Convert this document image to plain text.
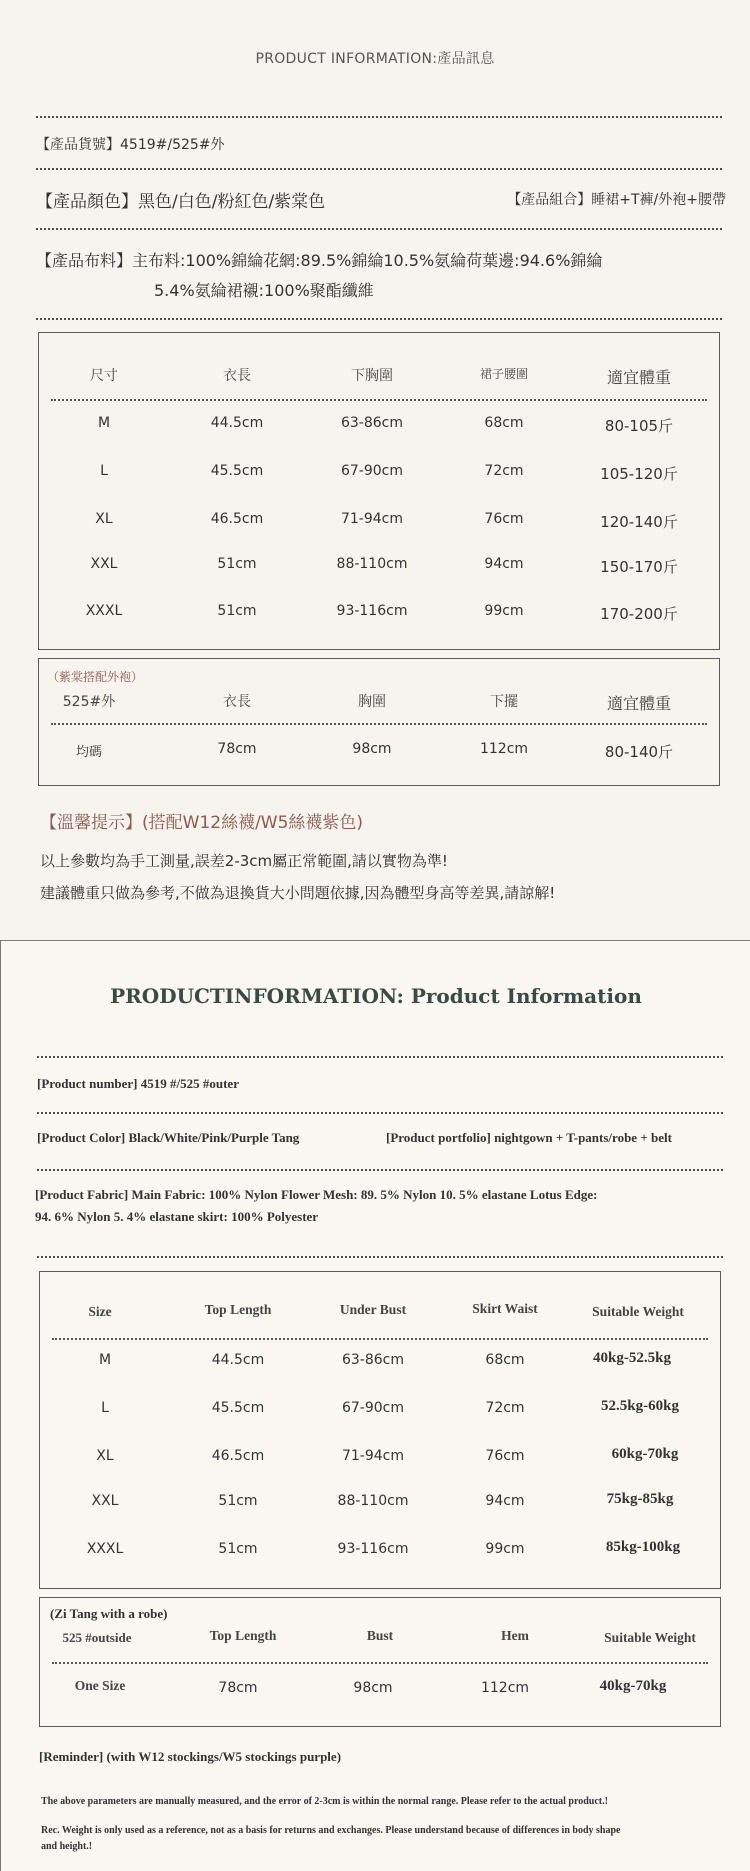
PRODUCT INFORMATION:產品訊息
【產品貨號】4519#/525#外
【產品顏色】黑色/白色/粉紅色/紫棠色	【產品組合】睡裙+T褲/外袍+腰帶
【產品布料】主布料:100%錦綸花網:89.5%錦綸10.5%氨綸荷葉邊:94.6%錦綸
5.4%氨綸裙襯:100%聚酯纖維
尺寸	衣長	下胸圍	裙子腰圍	適宜體重
M	44.5cm	63-86cm	68cm	80-105斤
L	45.5cm	67-90cm	72cm	105-120斤
XL	46.5cm	71-94cm	76cm	120-140斤
XXL	51cm	88-110cm	94cm	150-170斤
XXXL	51cm	93-116cm	99cm	170-200斤
（紫棠搭配外袍）
525#外	衣長	胸圍	下擺	適宜體重
均碼	78cm	98cm	112cm	80-140斤
【溫馨提示】(搭配W12絲襪/W5絲襪紫色)
以上參數均為手工測量,誤差2-3cm屬正常範圍,請以實物為準!
建議體重只做為參考,不做為退換貨大小問題依據,因為體型身高等差異,請諒解!
PRODUCTINFORMATION: Product Information
[Product number] 4519 #/525 #outer
[Product Color] Black/White/Pink/Purple Tang	[Product portfolio] nightgown + T-pants/robe + belt
[Product Fabric] Main Fabric: 100% Nylon Flower Mesh: 89. 5% Nylon 10. 5% elastane Lotus Edge:
94. 6% Nylon 5. 4% elastane skirt: 100% Polyester
Size	Top Length	Under Bust	Skirt Waist	Suitable Weight
M	44.5cm	63-86cm	68cm	40kg-52.5kg
L	45.5cm	67-90cm	72cm	52.5kg-60kg
XL	46.5cm	71-94cm	76cm	60kg-70kg
XXL	51cm	88-110cm	94cm	75kg-85kg
XXXL	51cm	93-116cm	99cm	85kg-100kg
(Zi Tang with a robe)
525 #outside	Top Length	Bust	Hem	Suitable Weight
One Size	78cm	98cm	112cm	40kg-70kg
[Reminder] (with W12 stockings/W5 stockings purple)
The above parameters are manually measured, and the error of 2-3cm is within the normal range. Please refer to the actual product.!
Rec. Weight is only used as a reference, not as a basis for returns and exchanges. Please understand because of differences in body shape
and height.!
